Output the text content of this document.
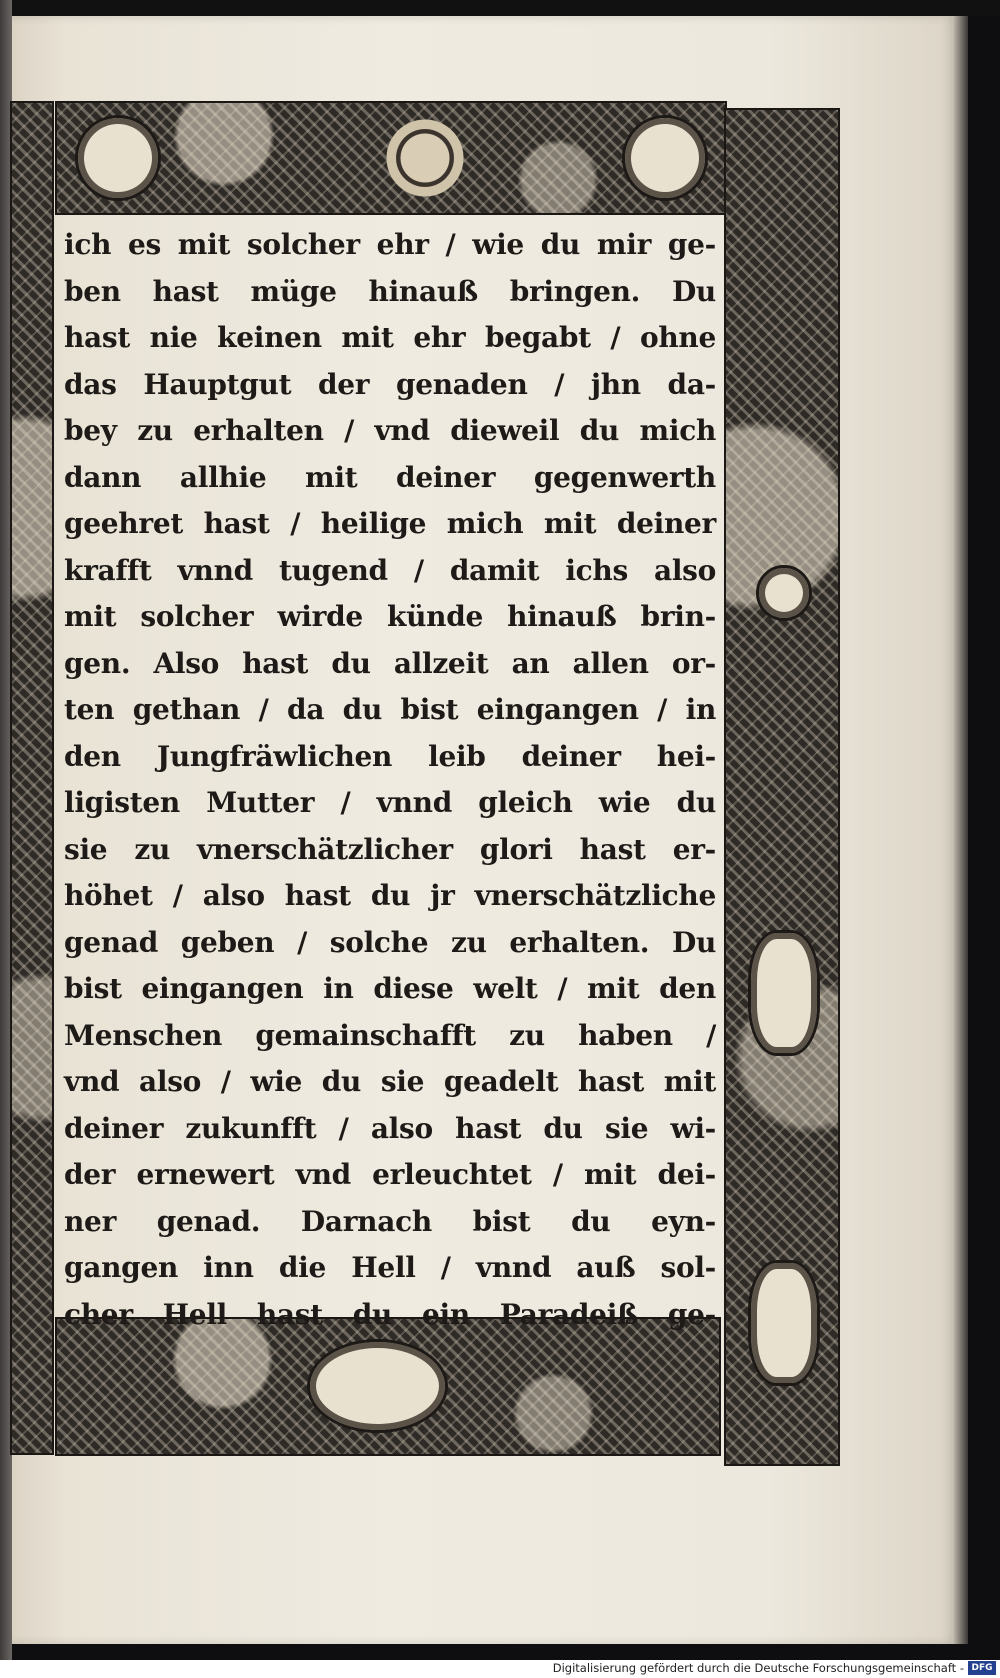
ich es mit solcher ehr / wie du mir ge-

ben hast müge hinauß bringen. Du

hast nie keinen mit ehr begabt / ohne

das Hauptgut der genaden / jhn da-

bey zu erhalten / vnd dieweil du mich

dann allhie mit deiner gegenwerth

geehret hast / heilige mich mit deiner

krafft vnnd tugend / damit ichs also

mit solcher wirde künde hinauß brin-

gen. Also hast du allzeit an allen or-

ten gethan / da du bist eingangen / in

den Jungfräwlichen leib deiner hei-

ligisten Mutter / vnnd gleich wie du

sie zu vnerschätzlicher glori hast er-

höhet / also hast du jr vnerschätzliche

genad geben / solche zu erhalten. Du

bist eingangen in diese welt / mit den

Menschen gemainschafft zu haben /

vnd also / wie du sie geadelt hast mit

deiner zukunfft / also hast du sie wi-

der ernewert vnd erleuchtet / mit dei-

ner genad. Darnach bist du eyn-

gangen inn die Hell / vnnd auß sol-

cher Hell hast du ein Paradeiß ge-

Digitalisierung gefördert durch die Deutsche Forschungsgemeinschaft - DFG
